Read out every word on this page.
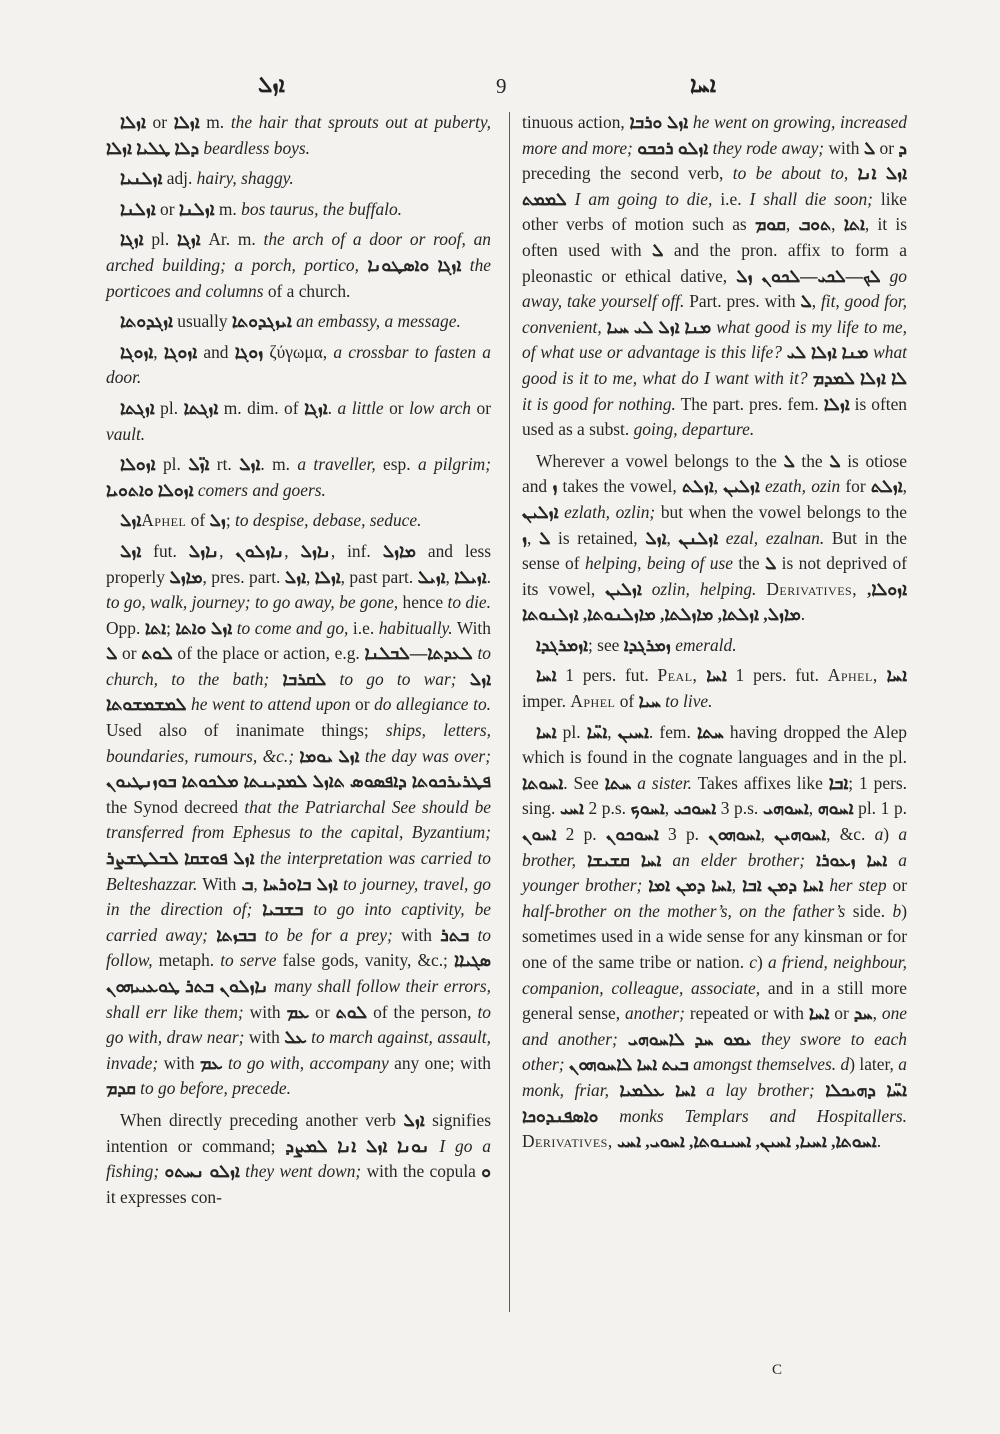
ܐܙܠ	9	ܐܚܐ

ܐܙܠܐ or ܐܙܠܐ m. the hair that sprouts out at puberty, ܐܙܠܐ ܕܠܐ ܛܠܝܐ beardless boys.

ܐܙܠܢܝܐ adj. hairy, shaggy.

ܐܙܠܢܐ or ܐܙܠܢܐ m. bos taurus, the buffalo.

ܐܙܓܐ pl. ܐܙܓܐ Ar. m. the arch of a door or roof, an arched building; a porch, portico, ܐܙܓܐ ܘܐܣܛܘܢܐ the porticoes and columns of a church.

ܐܙܓܕܘܬܐ usually ܐܝܙܓܕܘܬܐ an embassy, a message.

ܐܙܘܓܐ, ܐܙܘܓܐ and ܙܘܓܐ ζύγωμα, a crossbar to fasten a door.

ܐܙܓܬܐ pl. ܐܙܓܬܐ m. dim. of ܐܙܓܐ. a little or low arch or vault.

ܐܙܘܠܐ pl. ܐܙ̈ܠ rt. ܐܙܠ. m. a traveller, esp. a pilgrim; ܐܙܘܠܐ ܘܐܬܘܝܐ comers and goers.

ܐܙܠAphel of ܙܠ; to despise, debase, seduce.

ܐܙܠ fut. ܢܐܙܠ, ܢܐܙܠܘܢ, ܢܐܙܠ, inf. ܡܐܙܠ and less properly ܡܐܙܠ, pres. part. ܐܙܠ, ܐܙܠܐ, past part. ܐܙܝܠ, ܐܙܝܠܐ. to go, walk, journey; to go away, be gone, hence to die. Opp. ܐܬܐ; ܐܙܠ ܘܐܬܐ to come and go, i.e. habitually. With ܠ or ܠܘܬ of the place or action, e.g. ܠܥܕܬܐ—ܠܒܠܢܐ to church, to the bath; ܠܩܪܒܐ to go to war; ܐܙܠ ܠܡܫܡܫܘܬܐ he went to attend upon or do allegiance to. Used also of inanimate things; ships, letters, boundaries, rumours, &c.; ܐܙܠ ܝܘܡܐ the day was over; ܦܛܪܝܪܟܘܬܐ ܕܐܦܣܘܣ ܬܐܙܠ ܠܡܕܝܢܬܐ ܡܠܟܘܬܐ ܒܘܙܢܛܝܘܢ the Synod decreed that the Patriarchal See should be transferred from Ephesus to the capital, Byzantium; ܐܙܠ ܦܘܫܩܐ ܠܒܠܛܫܨܪ the interpretation was carried to Belteshazzar. With ܒ, ܐܙܠ ܒܐܘܪܚܐ to journey, travel, go in the direction of; ܒܫܒܝܐ to go into captivity, be carried away; ܒܒܙܬܐ to be for a prey; with ܒܬܪ to follow, metaph. to serve false gods, vanity, &c.; ܣܓܝܐܐ ܢܐܙܠܘܢ ܒܬܪ ܛܘܥܝܝܗܘܢ many shall follow their errors, shall err like them; with ܥܡ or ܠܘܬ of the person, to go with, draw near; with ܥܠ to march against, assault, invade; with ܥܡ to go with, accompany any one; with ܩܕܡ to go before, precede.

When directly preceding another verb ܐܙܠ signifies intention or command; ܐܙܠ ܐܢܐ ܠܡܨܕ ܢܘܢܐ I go a fishing; ܐܙܠܘ ܢܚܬܘ they went down; with the copula ܘ it expresses con-

tinuous action, ܐܙܠ ܘܪܒܐ he went on growing, increased more and more; ܐܙܠܘ ܪܟܒܘ they rode away; with ܠ or ܕ preceding the second verb, to be about to, ܐܙܠ ܐܢܐ ܠܡܡܬ I am going to die, i.e. I shall die soon; like other verbs of motion such as ܩܘܡ, ܬܘܒ, ܐܬܐ, it is often used with ܠ and the pron. affix to form a pleonastic or ethical dative, ܙܠ ܠܟ—ܠܟܝ—ܠܟܘܢ go away, take yourself off. Part. pres. with ܠ, fit, good for, convenient, ܡܢܐ ܐܙܠ ܠܝ ܚܝܐ what good is my life to me, of what use or advantage is this life? ܡܢܐ ܐܙܠܐ ܠܝ what good is it to me, what do I want with it? ܠܐ ܐܙܠܐ ܠܡܕܡ it is good for nothing. The part. pres. fem. ܐܙܠܐ is often used as a subst. going, departure.

Wherever a vowel belongs to the ܠ the ܠ is otiose and ܙ takes the vowel, ܐܙܠܬ, ܐܙܠܝܢ ezath, ozin for ܐܙܠܬ, ܐܙܠܝܢ ezlath, ozlin; but when the vowel belongs to the ܙ, ܠ is retained, ܐܙܠ, ܐܙܠܢܢ ezal, ezalnan. But in the sense of helping, being of use the ܠ is not deprived of its vowel, ܐܙܠܝܢ ozlin, helping. Derivatives, ܐܙܘܠܐ, ܡܐܙܠ, ܐܙܠܬܐ, ܡܐܙܠܬܐ, ܡܐܙܠܢܘܬܐ, ܐܙܠܢܘܬܐ.

ܐܙܡܪܓܕܐ; see ܙܡܪܓܕܐ emerald.

ܐܚܐ 1 pers. fut. Peal, ܐܚܐ 1 pers. fut. Aphel, ܐܚܐ imper. Aphel of ܚܝܐ to live.

ܐܚܐ pl. ܐܚ̈ܐ, ܐܚܝܢ. fem. ܚܬܐ having dropped the Alep which is found in the cognate languages and in the pl. ܐܚܘܬܐ. See ܚܬܐ a sister. Takes affixes like ܐܒܐ; 1 pers. sing. ܐܚܝ 2 p.s. ܐܚܘܟ, ܐܚܘܟܝ 3 p.s. ܐܚܘܗܝ, ܐܚܘܗ pl. 1 p. ܐܚܘܢ 2 p. ܐܚܘܟܘܢ 3 p. ܐܚܘܗܘܢ, ܐܚܘܗܝܢ, &c. a) a brother, ܐܚܐ ܩܫܝܫܐ an elder brother; ܐܚܐ ܙܥܘܪܐ a younger brother; ܐܚܐ ܕܡܢ ܐܡܐ, ܐܚܐ ܕܡܢ ܐܒܐ her step or half-brother on the mother’s, on the father’s side. b) sometimes used in a wide sense for any kinsman or for one of the same tribe or nation. c) a friend, neighbour, companion, colleague, associate, and in a still more general sense, another; repeated or with ܐܚܐ or ܚܕ, one and another; ܝܡܘ ܚܕ ܠܐܚܘܗܝ they swore to each other; ܒܝܬ ܐܚܐ ܠܐܚܘܗܘܢ amongst themselves. d) later, a monk, friar, ܐܚܐ ܥܠܡܝܐ a lay brother; ܐܚ̈ܐ ܕܗܝܟܠܐ ܘܐܣܦܢܕܘܟܐ monks Templars and Hospitallers. Derivatives, ܐܚܘܬܐ, ܐܚܝܐ, ܐܚܝܢ, ܐܚܝܢܘܬܐ, ܐܚܘܝ, ܐܚܝ.

C
